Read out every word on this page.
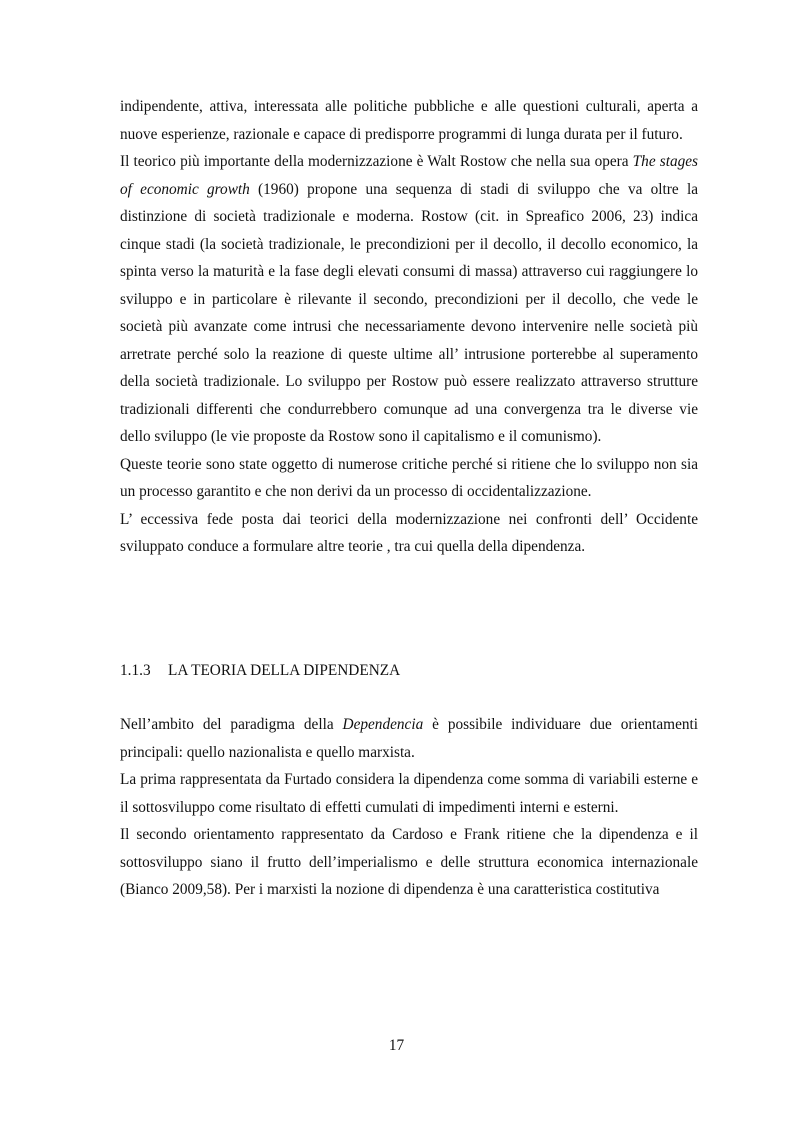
indipendente, attiva, interessata alle politiche pubbliche e alle questioni culturali, aperta a nuove esperienze, razionale e capace di predisporre programmi di lunga durata per il futuro.

Il teorico più importante della modernizzazione è Walt Rostow che nella sua opera The stages of economic growth (1960) propone una sequenza di stadi di sviluppo che va oltre la distinzione di società tradizionale e moderna. Rostow (cit. in Spreafico 2006, 23) indica cinque stadi (la società tradizionale, le precondizioni per il decollo, il decollo economico, la spinta verso la maturità e la fase degli elevati consumi di massa) attraverso cui raggiungere lo sviluppo e in particolare è rilevante il secondo, precondizioni per il decollo, che vede le società più avanzate come intrusi che necessariamente devono intervenire nelle società più arretrate perché solo la reazione di queste ultime all’ intrusione porterebbe al superamento della società tradizionale. Lo sviluppo per Rostow può essere realizzato attraverso strutture tradizionali differenti che condurrebbero comunque ad una convergenza tra le diverse vie dello sviluppo (le vie proposte da Rostow sono il capitalismo e il comunismo).

Queste teorie sono state oggetto di numerose critiche perché si ritiene che lo sviluppo non sia un processo garantito e che non derivi da un processo di occidentalizzazione.

L’ eccessiva fede posta dai teorici della modernizzazione nei confronti dell’ Occidente sviluppato conduce a formulare altre teorie , tra cui quella della dipendenza.

1.1.3 LA TEORIA DELLA DIPENDENZA

Nell’ambito del paradigma della Dependencia è possibile individuare due orientamenti principali: quello nazionalista e quello marxista.

La prima rappresentata da Furtado considera la dipendenza come somma di variabili esterne e il sottosviluppo come risultato di effetti cumulati di impedimenti interni e esterni.

Il secondo orientamento rappresentato da Cardoso e Frank ritiene che la dipendenza e il sottosviluppo siano il frutto dell’imperialismo e delle struttura economica internazionale (Bianco 2009,58). Per i marxisti la nozione di dipendenza è una caratteristica costitutiva

17
